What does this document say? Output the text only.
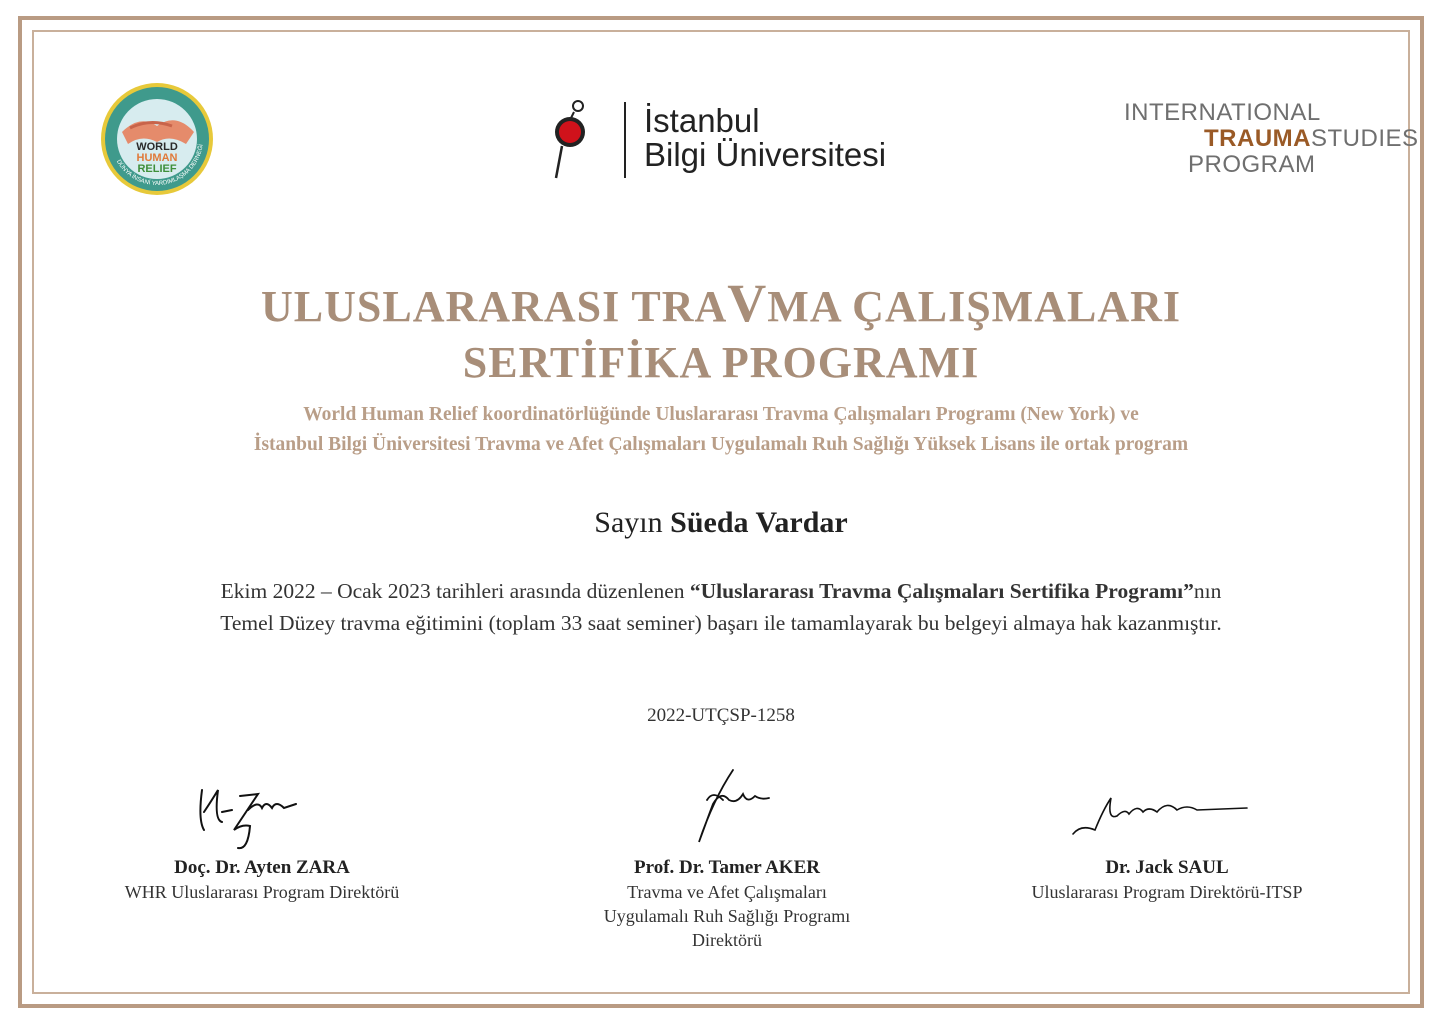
WORLD
HUMAN
RELIEF
DÜNYA İNSANİ YARDIMLAŞMA DERNEĞİ
İstanbul
Bilgi Üniversitesi
INTERNATIONAL
TRAUMASTUDIES
PROGRAM
ULUSLARARASI TRAVMA ÇALIŞMALARI
SERTİFİKA PROGRAMI
World Human Relief koordinatörlüğünde Uluslararası Travma Çalışmaları Programı (New York) ve
İstanbul Bilgi Üniversitesi Travma ve Afet Çalışmaları Uygulamalı Ruh Sağlığı Yüksek Lisans ile ortak program
Sayın Süeda Vardar
Ekim 2022 – Ocak 2023 tarihleri arasında düzenlenen “Uluslararası Travma Çalışmaları Sertifika Programı”nın
Temel Düzey travma eğitimini (toplam 33 saat seminer) başarı ile tamamlayarak bu belgeyi almaya hak kazanmıştır.
2022-UTÇSP-1258
Doç. Dr. Ayten ZARA
WHR Uluslararası Program Direktörü
Prof. Dr. Tamer AKER
Travma ve Afet Çalışmaları
Uygulamalı Ruh Sağlığı Programı
Direktörü
Dr. Jack SAUL
Uluslararası Program Direktörü-ITSP
